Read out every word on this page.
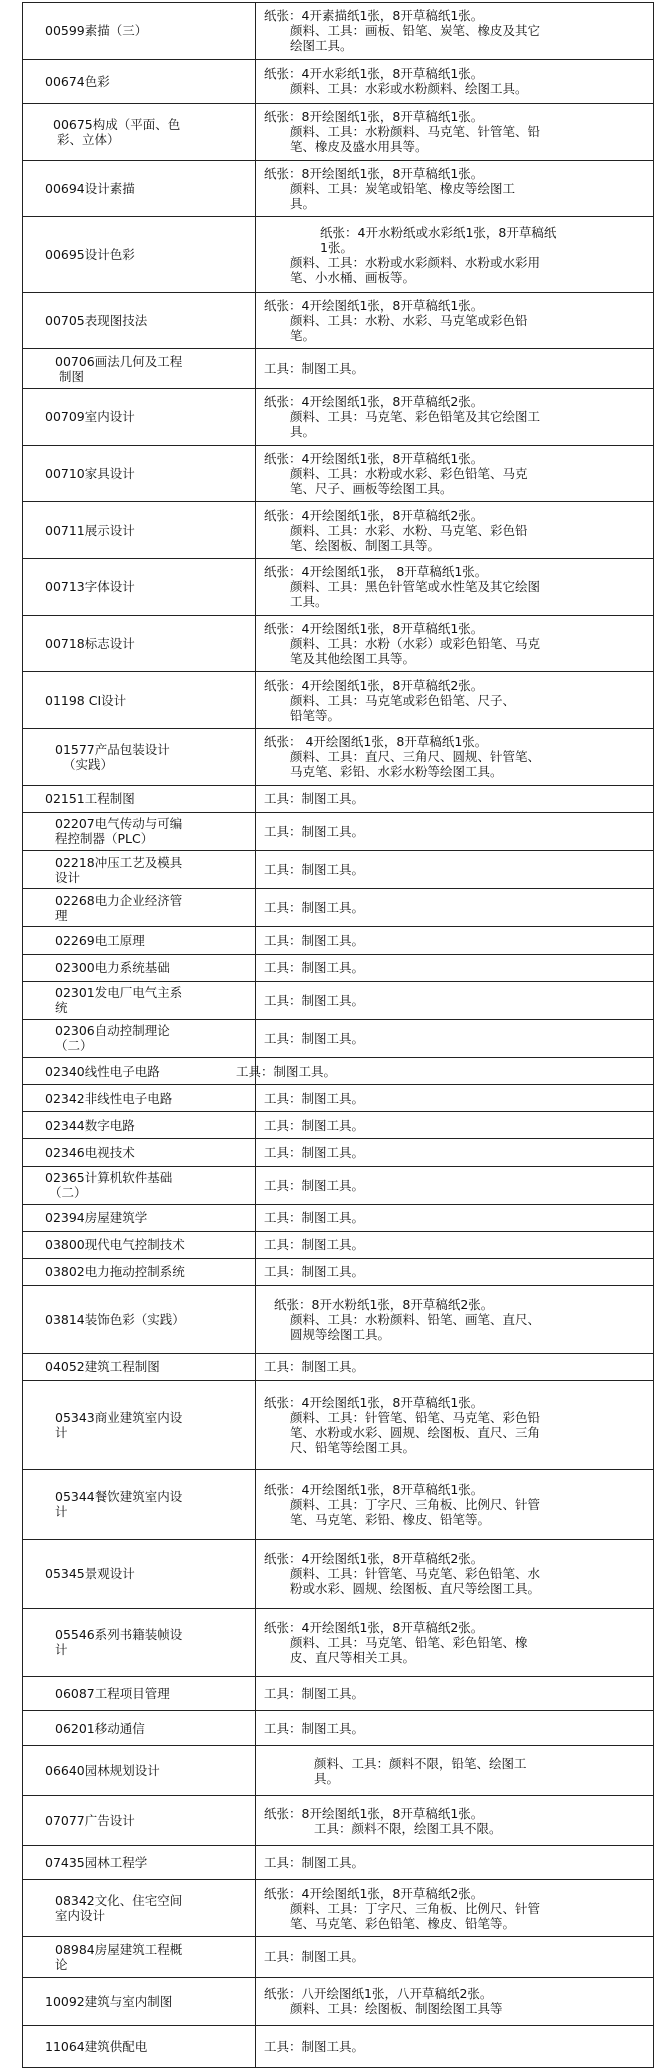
00599素描（三）	纸张：4开素描纸1张，8开草稿纸1张。
颜料、工具：画板、铅笔、炭笔、橡皮及其它
绘图工具。

00674色彩	纸张：4开水彩纸1张，8开草稿纸1张。
颜料、工具：水彩或水粉颜料、绘图工具。

00675构成（平面、色
彩、立体）	纸张：8开绘图纸1张，8开草稿纸1张。
颜料、工具：水粉颜料、马克笔、针管笔、铅
笔、橡皮及盛水用具等。

00694设计素描	纸张：8开绘图纸1张，8开草稿纸1张。
颜料、工具：炭笔或铅笔、橡皮等绘图工
具。

00695设计色彩	纸张：4开水粉纸或水彩纸1张，8开草稿纸
1张。
颜料、工具：水粉或水彩颜料、水粉或水彩用
笔、小水桶、画板等。

00705表现图技法	纸张：4开绘图纸1张，8开草稿纸1张。
颜料、工具：水粉、水彩、马克笔或彩色铅
笔。

00706画法几何及工程
制图	工具：制图工具。

00709室内设计	纸张：4开绘图纸1张，8开草稿纸2张。
颜料、工具：马克笔、彩色铅笔及其它绘图工
具。

00710家具设计	纸张：4开绘图纸1张，8开草稿纸1张。
颜料、工具：水粉或水彩、彩色铅笔、马克
笔、尺子、画板等绘图工具。

00711展示设计	纸张：4开绘图纸1张，8开草稿纸2张。
颜料、工具：水彩、水粉、马克笔、彩色铅
笔、绘图板、制图工具等。

00713字体设计	纸张：4开绘图纸1张， 8开草稿纸1张。
颜料、工具：黑色针管笔或水性笔及其它绘图
工具。

00718标志设计	纸张：4开绘图纸1张，8开草稿纸1张。
颜料、工具：水粉（水彩）或彩色铅笔、马克
笔及其他绘图工具等。

01198 CI设计	纸张：4开绘图纸1张，8开草稿纸2张。
颜料、工具：马克笔或彩色铅笔、尺子、
铅笔等。

01577产品包装设计
（实践）	纸张： 4开绘图纸1张，8开草稿纸1张。
颜料、工具：直尺、三角尺、圆规、针管笔、
马克笔、彩铅、水彩水粉等绘图工具。

02151工程制图	工具：制图工具。

02207电气传动与可编
程控制器（PLC）	工具：制图工具。

02218冲压工艺及模具
设计	工具：制图工具。

02268电力企业经济管
理	工具：制图工具。

02269电工原理	工具：制图工具。

02300电力系统基础	工具：制图工具。

02301发电厂电气主系
统	工具：制图工具。

02306自动控制理论
（二）	工具：制图工具。

02340线性电子电路	工具：制图工具。

02342非线性电子电路	工具：制图工具。

02344数字电路	工具：制图工具。

02346电视技术	工具：制图工具。

02365计算机软件基础
（二）	工具：制图工具。

02394房屋建筑学	工具：制图工具。

03800现代电气控制技术	工具：制图工具。

03802电力拖动控制系统	工具：制图工具。

03814装饰色彩（实践）	纸张：8开水粉纸1张，8开草稿纸2张。
颜料、工具：水粉颜料、铅笔、画笔、直尺、
圆规等绘图工具。

04052建筑工程制图	工具：制图工具。

05343商业建筑室内设
计	纸张：4开绘图纸1张，8开草稿纸1张。
颜料、工具：针管笔、铅笔、马克笔、彩色铅
笔、水粉或水彩、圆规、绘图板、直尺、三角
尺、铅笔等绘图工具。

05344餐饮建筑室内设
计	纸张：4开绘图纸1张，8开草稿纸1张。
颜料、工具：丁字尺、三角板、比例尺、针管
笔、马克笔、彩铅、橡皮、铅笔等。

05345景观设计	纸张：4开绘图纸1张，8开草稿纸2张。
颜料、工具：针管笔、马克笔、彩色铅笔、水
粉或水彩、圆规、绘图板、直尺等绘图工具。

05546系列书籍装帧设
计	纸张：4开绘图纸1张，8开草稿纸2张。
颜料、工具：马克笔、铅笔、彩色铅笔、橡
皮、直尺等相关工具。

06087工程项目管理	工具：制图工具。

06201移动通信	工具：制图工具。

06640园林规划设计	颜料、工具：颜料不限，铅笔、绘图工
具。

07077广告设计	纸张：8开绘图纸1张，8开草稿纸1张。
工具：颜料不限，绘图工具不限。

07435园林工程学	工具：制图工具。

08342文化、住宅空间
室内设计	纸张：4开绘图纸1张，8开草稿纸2张。
颜料、工具：丁字尺、三角板、比例尺、针管
笔、马克笔、彩色铅笔、橡皮、铅笔等。

08984房屋建筑工程概
论	工具：制图工具。

10092建筑与室内制图	纸张：八开绘图纸1张，八开草稿纸2张。
颜料、工具：绘图板、制图绘图工具等

11064建筑供配电	工具：制图工具。
